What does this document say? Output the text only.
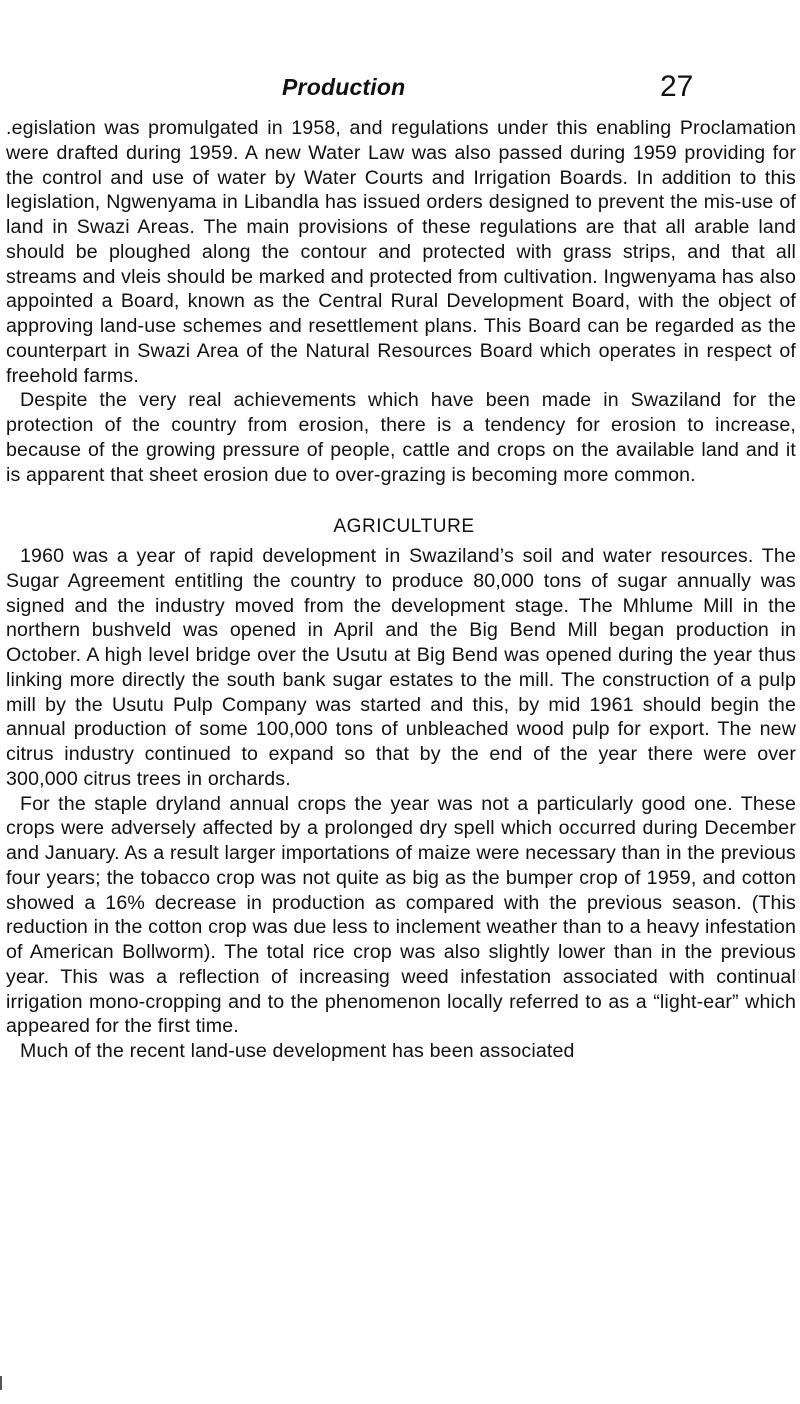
Production	27

.egislation was promulgated in 1958, and regulations under this enabling Proclamation were drafted during 1959. A new Water Law was also passed during 1959 providing for the control and use of water by Water Courts and Irrigation Boards. In addition to this legislation, Ngwenyama in Libandla has issued orders designed to prevent the mis-use of land in Swazi Areas. The main provisions of these regulations are that all arable land should be ploughed along the contour and protected with grass strips, and that all streams and vleis should be marked and protected from cultivation. Ingwenyama has also appointed a Board, known as the Central Rural Development Board, with the object of approving land-use schemes and resettlement plans. This Board can be regarded as the counterpart in Swazi Area of the Natural Resources Board which operates in respect of freehold farms.

Despite the very real achievements which have been made in Swaziland for the protection of the country from erosion, there is a tendency for erosion to increase, because of the growing pressure of people, cattle and crops on the available land and it is apparent that sheet erosion due to over-grazing is becoming more common.

AGRICULTURE

1960 was a year of rapid development in Swaziland’s soil and water resources. The Sugar Agreement entitling the country to produce 80,000 tons of sugar annually was signed and the industry moved from the development stage. The Mhlume Mill in the northern bushveld was opened in April and the Big Bend Mill began production in October. A high level bridge over the Usutu at Big Bend was opened during the year thus linking more directly the south bank sugar estates to the mill. The construction of a pulp mill by the Usutu Pulp Company was started and this, by mid 1961 should begin the annual production of some 100,000 tons of unbleached wood pulp for export. The new citrus industry continued to expand so that by the end of the year there were over 300,000 citrus trees in orchards.

For the staple dryland annual crops the year was not a particularly good one. These crops were adversely affected by a prolonged dry spell which occurred during December and January. As a result larger importations of maize were necessary than in the previous four years; the tobacco crop was not quite as big as the bumper crop of 1959, and cotton showed a 16% decrease in production as compared with the previous season. (This reduction in the cotton crop was due less to inclement weather than to a heavy infestation of American Bollworm). The total rice crop was also slightly lower than in the previous year. This was a reflection of increasing weed infestation associated with continual irrigation mono-cropping and to the phenomenon locally referred to as a “light-ear” which appeared for the first time.

Much of the recent land-use development has been associated
